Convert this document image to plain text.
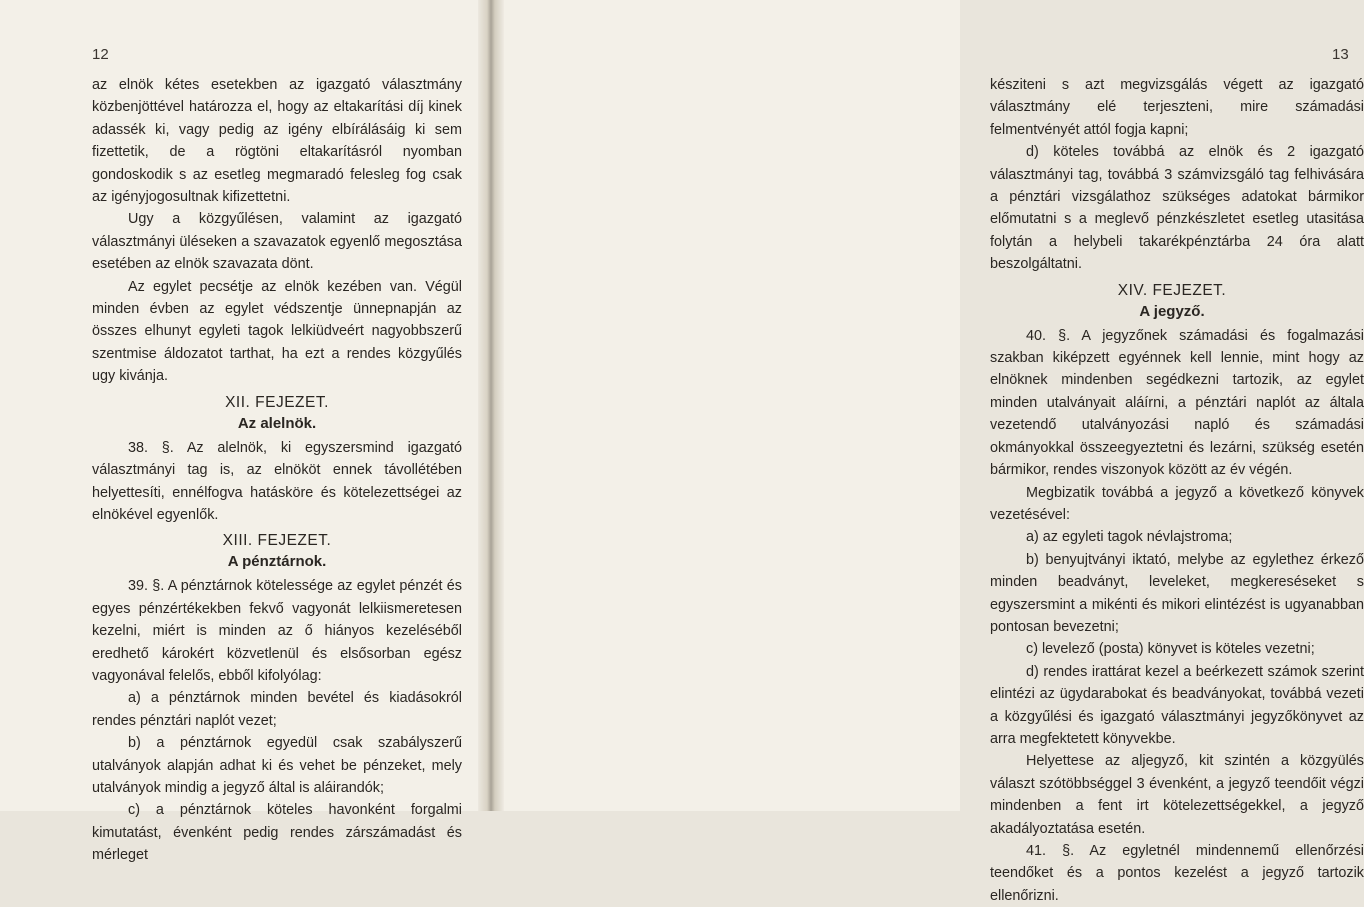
12

az elnök kétes esetekben az igazgató választmány közbenjöttével határozza el, hogy az eltakarítási díj kinek adassék ki, vagy pedig az igény elbírálásáig ki sem fizettetik, de a rögtöni eltakarításról nyomban gondoskodik s az esetleg megmaradó felesleg fog csak az igényjogosultnak kifizettetni.

Ugy a közgyűlésen, valamint az igazgató választmányi üléseken a szavazatok egyenlő megosztása esetében az elnök szavazata dönt.

Az egylet pecsétje az elnök kezében van. Végül minden évben az egylet védszentje ünnepnapján az összes elhunyt egyleti tagok lelkiüdveért nagyobbszerű szentmise áldozatot tarthat, ha ezt a rendes közgyűlés ugy kivánja.

XII. FEJEZET.
Az alelnök.

38. §. Az alelnök, ki egyszersmind igazgató választmányi tag is, az elnököt ennek távollétében helyettesíti, ennélfogva hatásköre és kötelezettségei az elnökével egyenlők.

XIII. FEJEZET.
A pénztárnok.

39. §. A pénztárnok kötelessége az egylet pénzét és egyes pénzértékekben fekvő vagyonát lelkiismeretesen kezelni, miért is minden az ő hiányos kezeléséből eredhető károkért közvetlenül és elsősorban egész vagyonával felelős, ebből kifolyólag:

a) a pénztárnok minden bevétel és kiadásokról rendes pénztári naplót vezet;

b) a pénztárnok egyedül csak szabályszerű utalványok alapján adhat ki és vehet be pénzeket, mely utalványok mindig a jegyző által is aláirandók;

c) a pénztárnok köteles havonként forgalmi kimutatást, évenként pedig rendes zárszámadást és mérleget

13

késziteni s azt megvizsgálás végett az igazgató választmány elé terjeszteni, mire számadási felmentvényét attól fogja kapni;

d) köteles továbbá az elnök és 2 igazgató választmányi tag, továbbá 3 számvizsgáló tag felhivására a pénztári vizsgálathoz szükséges adatokat bármikor előmutatni s a meglevő pénzkészletet esetleg utasitása folytán a helybeli takarékpénztárba 24 óra alatt beszolgáltatni.

XIV. FEJEZET.
A jegyző.

40. §. A jegyzőnek számadási és fogalmazási szakban kiképzett egyénnek kell lennie, mint hogy az elnöknek mindenben segédkezni tartozik, az egylet minden utalványait aláírni, a pénztári naplót az általa vezetendő utalványozási napló és számadási okmányokkal összeegyeztetni és lezárni, szükség esetén bármikor, rendes viszonyok között az év végén.

Megbizatik továbbá a jegyző a következő könyvek vezetésével:

a) az egyleti tagok névlajstroma;

b) benyujtványi iktató, melybe az egylethez érkező minden beadványt, leveleket, megkereséseket s egyszersmint a mikénti és mikori elintézést is ugyanabban pontosan bevezetni;

c) levelező (posta) könyvet is köteles vezetni;

d) rendes irattárat kezel a beérkezett számok szerint elintézi az ügydarabokat és beadványokat, továbbá vezeti a közgyűlési és igazgató választmányi jegyzőkönyvet az arra megfektetett könyvekbe.

Helyettese az aljegyző, kit szintén a közgyülés választ szótöbbséggel 3 évenként, a jegyző teendőit végzi mindenben a fent irt kötelezettségekkel, a jegyző akadályoztatása esetén.

41. §. Az egyletnél mindennemű ellenőrzési teendőket és a pontos kezelést a jegyző tartozik ellenőrizni.
